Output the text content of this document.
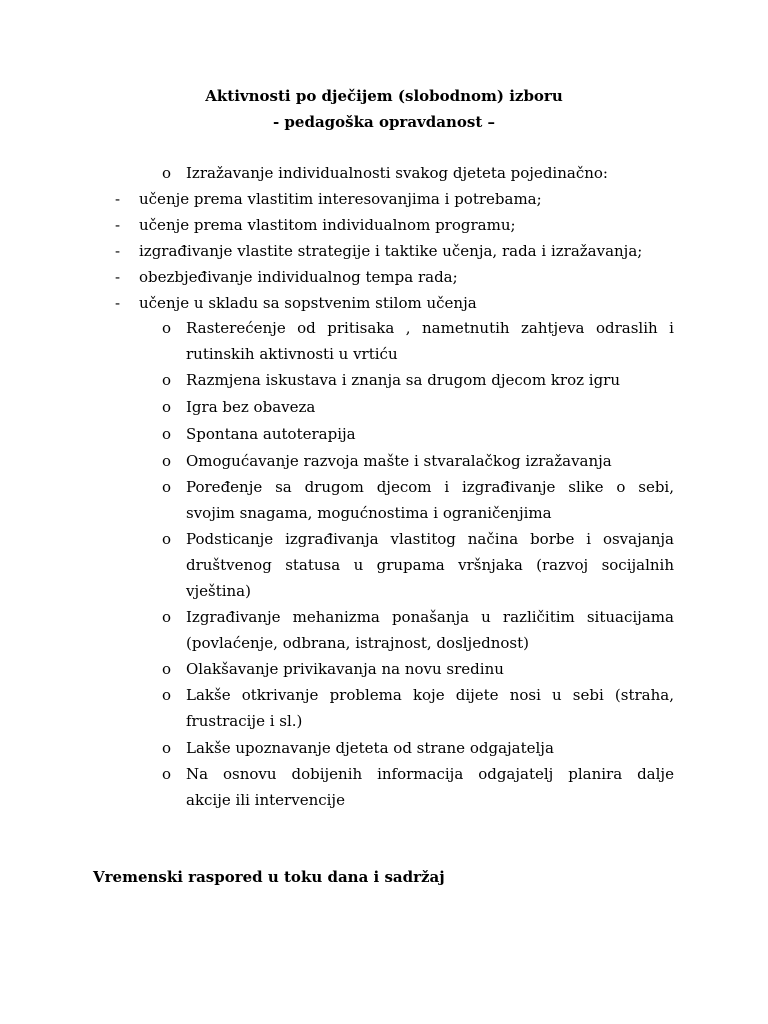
Aktivnosti po dječijem (slobodnom) izboru
- pedagoška opravdanost –
o Izražavanje individualnosti svakog djeteta pojedinačno:
- učenje prema vlastitim interesovanjima i potrebama;
- učenje prema vlastitom individualnom programu;
- izgrađivanje vlastite strategije i taktike učenja, rada i izražavanja;
- obezbjeđivanje individualnog tempa rada;
- učenje u skladu sa sopstvenim stilom učenja
o Rasterećenje od pritisaka , nametnutih zahtjeva odraslih i
rutinskih aktivnosti u vrtiću
o Razmjena iskustava i znanja sa drugom djecom kroz igru
o Igra bez obaveza
o Spontana autoterapija
o Omogućavanje razvoja mašte i stvaralačkog izražavanja
o Poređenje sa drugom djecom i izgrađivanje slike o sebi,
svojim snagama, mogućnostima i ograničenjima
o Podsticanje izgrađivanja vlastitog načina borbe i osvajanja
društvenog statusa u grupama vršnjaka (razvoj socijalnih
vještina)
o Izgrađivanje mehanizma ponašanja u različitim situacijama
(povlaćenje, odbrana, istrajnost, dosljednost)
o Olakšavanje privikavanja na novu sredinu
o Lakše otkrivanje problema koje dijete nosi u sebi (straha,
frustracije i sl.)
o Lakše upoznavanje djeteta od strane odgajatelja
o Na osnovu dobijenih informacija odgajatelj planira dalje
akcije ili intervencije
Vremenski raspored u toku dana i sadržaj
